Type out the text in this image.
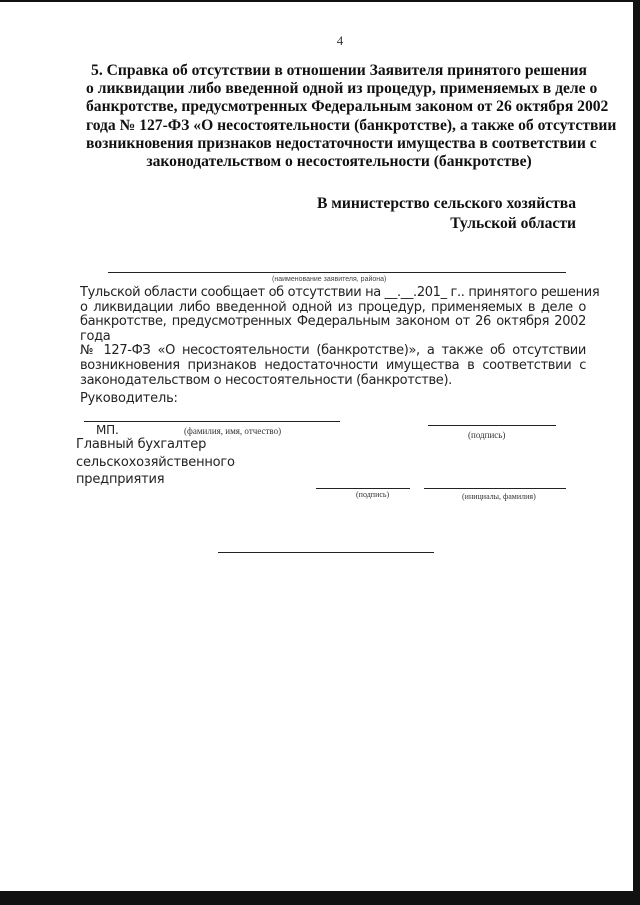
4
5. Справка об отсутствии в отношении Заявителя принятого решения
о ликвидации либо введенной одной из процедур, применяемых в деле о
банкротстве, предусмотренных Федеральным законом от 26 октября 2002
года № 127-ФЗ «О несостоятельности (банкротстве), а также об отсутствии
возникновения признаков недостаточности имущества в соответствии с
законодательством о несостоятельности (банкротстве)
В министерство сельского хозяйства
Тульской области
(наименование заявителя, района)
Тульской области сообщает об отсутствии на __.__.201_ г.. принятого решения
о ликвидации либо введенной одной из процедур, применяемых в деле о
банкротстве, предусмотренных Федеральным законом от 26 октября 2002 года
№ 127-ФЗ «О несостоятельности (банкротстве)», а также об отсутствии
возникновения признаков недостаточности имущества в соответствии с
законодательством о несостоятельности (банкротстве).
Руководитель:
МП.	(фамилия, имя, отчество)	(подпись)
Главный бухгалтер
сельскохозяйственного
предприятия
(подпись)	(инициалы, фамилия)
